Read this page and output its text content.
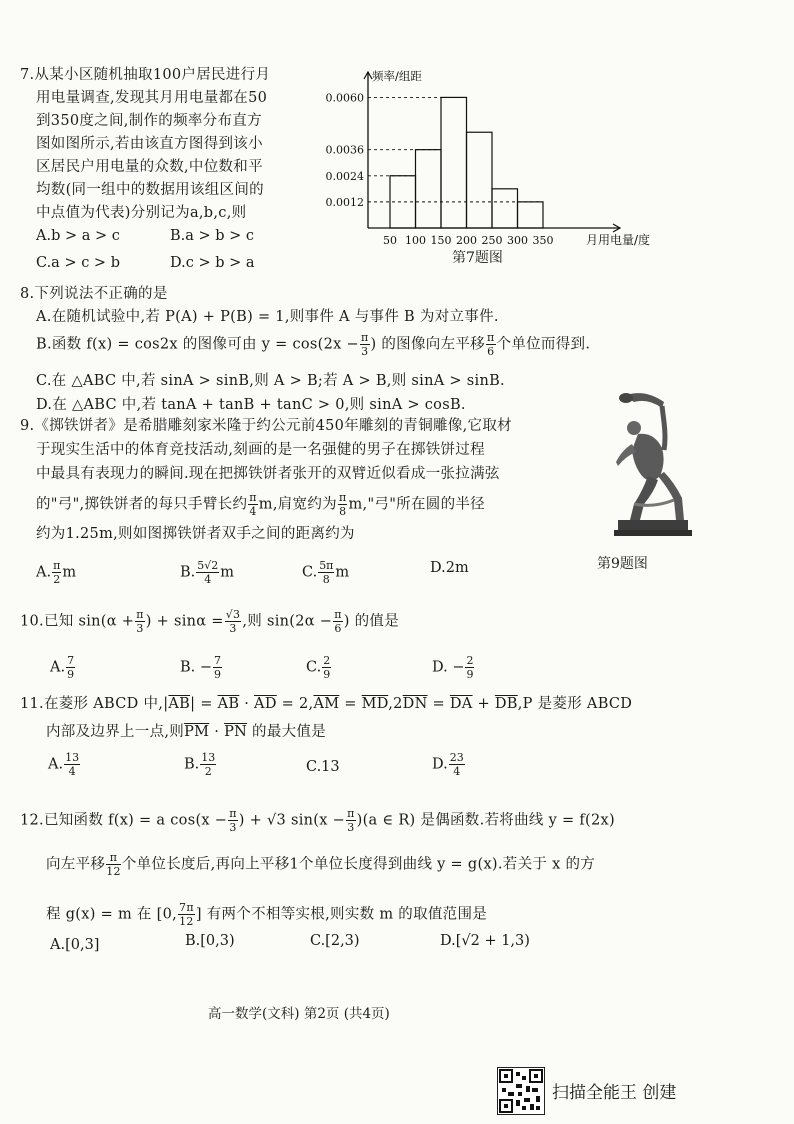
7.从某小区随机抽取100户居民进行月
用电量调查,发现其月用电量都在50
到350度之间,制作的频率分布直方
图如图所示,若由该直方图得到该小
区居民户用电量的众数,中位数和平
均数(同一组中的数据用该组区间的
中点值为代表)分别记为a,b,c,则
A.b > a > c	B.a > b > c
C.a > c > b	D.c > b > a
0.0012
0.0024
0.0036
0.0060
50 100 150 200 250 300 350
频率/组距
月用电量/度
第7题图
8.下列说法不正确的是
A.在随机试验中,若 P(A) + P(B) = 1,则事件 A 与事件 B 为对立事件.
B.函数 f(x) = cos2x 的图像可由 $y = \cos(2x - \frac{\pi}{3}$ ) 的图像向左平移 $\frac{\pi}{6}$ 个单位而得到.
C.在 △ABC 中,若 sinA > sinB,则 A > B;若 A > B,则 sinA > sinB.
D.在 △ABC 中,若 tanA + tanB + tanC > 0,则 sinA > cosB.
9.《掷铁饼者》是希腊雕刻家米隆于约公元前450年雕刻的青铜雕像,它取材
于现实生活中的体育竞技活动,刻画的是一名强健的男子在掷铁饼过程
中最具有表现力的瞬间.现在把掷铁饼者张开的双臂近似看成一张拉满弦
的"弓",掷铁饼者的每只手臂长约 $\frac{\pi}{4} m$,肩宽约为 $\frac{\pi}{8} m$,"弓"所在圆的半径
约为1.25m,则如图掷铁饼者双手之间的距离约为
A. $\frac{\pi}{2}$ m	B. $\frac{5√2}{4}$ m	C. $\frac{5\pi}{8}$ m	D.2m	第9题图
10.已知 $\sin(\alpha + \frac{\pi}{3}$ ) + $\sin\alpha = \frac{√3}{3}$ ,则 $\sin(2\alpha - \frac{\pi}{6}$ ) 的值是
A. $\frac{7}{9}$	B. − $\frac{7}{9}$	C. $\frac{2}{9}$	D. − $\frac{2}{9}$
11.在菱形 ABCD 中$,|\overline{AB}| = \overline{AB} \cdot \overline{AD} = 2,\overline{AM} = \overline{MD},2\overline{DN} = \overline{DA} + \overline{DB},P$ 是菱形 ABCD
内部及边界上一点,则$\overline{PM} \cdot \overline{PN}$ 的最大值是
A. $\frac{13}{4}$	B. $\frac{13}{2}$	C.13	D. $\frac{23}{4}$
12.已知函数 f(x) = a $\cos(x - \frac{\pi}{3}$ ) + √3 $\sin(x - \frac{\pi}{3} )(a$ ∈ R) 是偶函数.若将曲线 y = f(2x)
向左平移 $\frac{\pi}{12}$ 个单位长度后,再向上平移1个单位长度得到曲线 y = g(x).若关于 x 的方
程 g(x) = m 在 [0, $\frac{7\pi}{12}$ ] 有两个不相等实根,则实数 m 的取值范围是
A.[0,3]	B.[0,3)	C.[2,3)	D.[√2 + 1,3)
高一数学(文科) 第2页 (共4页)
扫描全能王 创建
